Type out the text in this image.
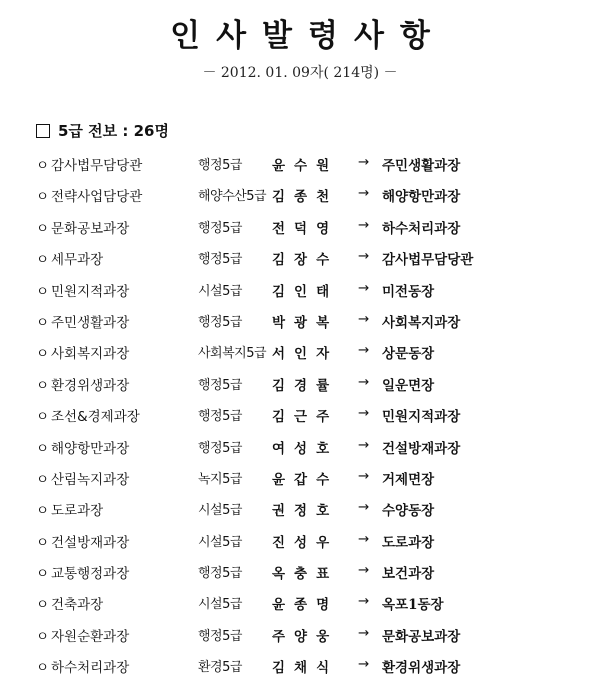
인사발령사항
－ 2012. 01. 09자( 214명) －
5급 전보 : 26명
ㅇ 감사법무담당관	행정5급 윤수원 → 주민생활과장
ㅇ 전략사업담당관	해양수산5급 김종천 → 해양항만과장
ㅇ 문화공보과장	행정5급 전덕영 → 하수처리과장
ㅇ 세무과장	행정5급 김장수 → 감사법무담당관
ㅇ 민원지적과장	시설5급 김인태 → 미전동장
ㅇ 주민생활과장	행정5급 박광복 → 사회복지과장
ㅇ 사회복지과장	사회복지5급 서인자 → 상문동장
ㅇ 환경위생과장	행정5급 김경률 → 일운면장
ㅇ 조선&경제과장	행정5급 김근주 → 민원지적과장
ㅇ 해양항만과장	행정5급 여성호 → 건설방재과장
ㅇ 산림녹지과장	녹지5급 윤갑수 → 거제면장
ㅇ 도로과장	시설5급 권정호 → 수양동장
ㅇ 건설방재과장	시설5급 진성우 → 도로과장
ㅇ 교통행정과장	행정5급 옥충표 → 보건과장
ㅇ 건축과장	시설5급 윤종명 → 옥포1동장
ㅇ 자원순환과장	행정5급 주양웅 → 문화공보과장
ㅇ 하수처리과장	환경5급 김채식 → 환경위생과장
